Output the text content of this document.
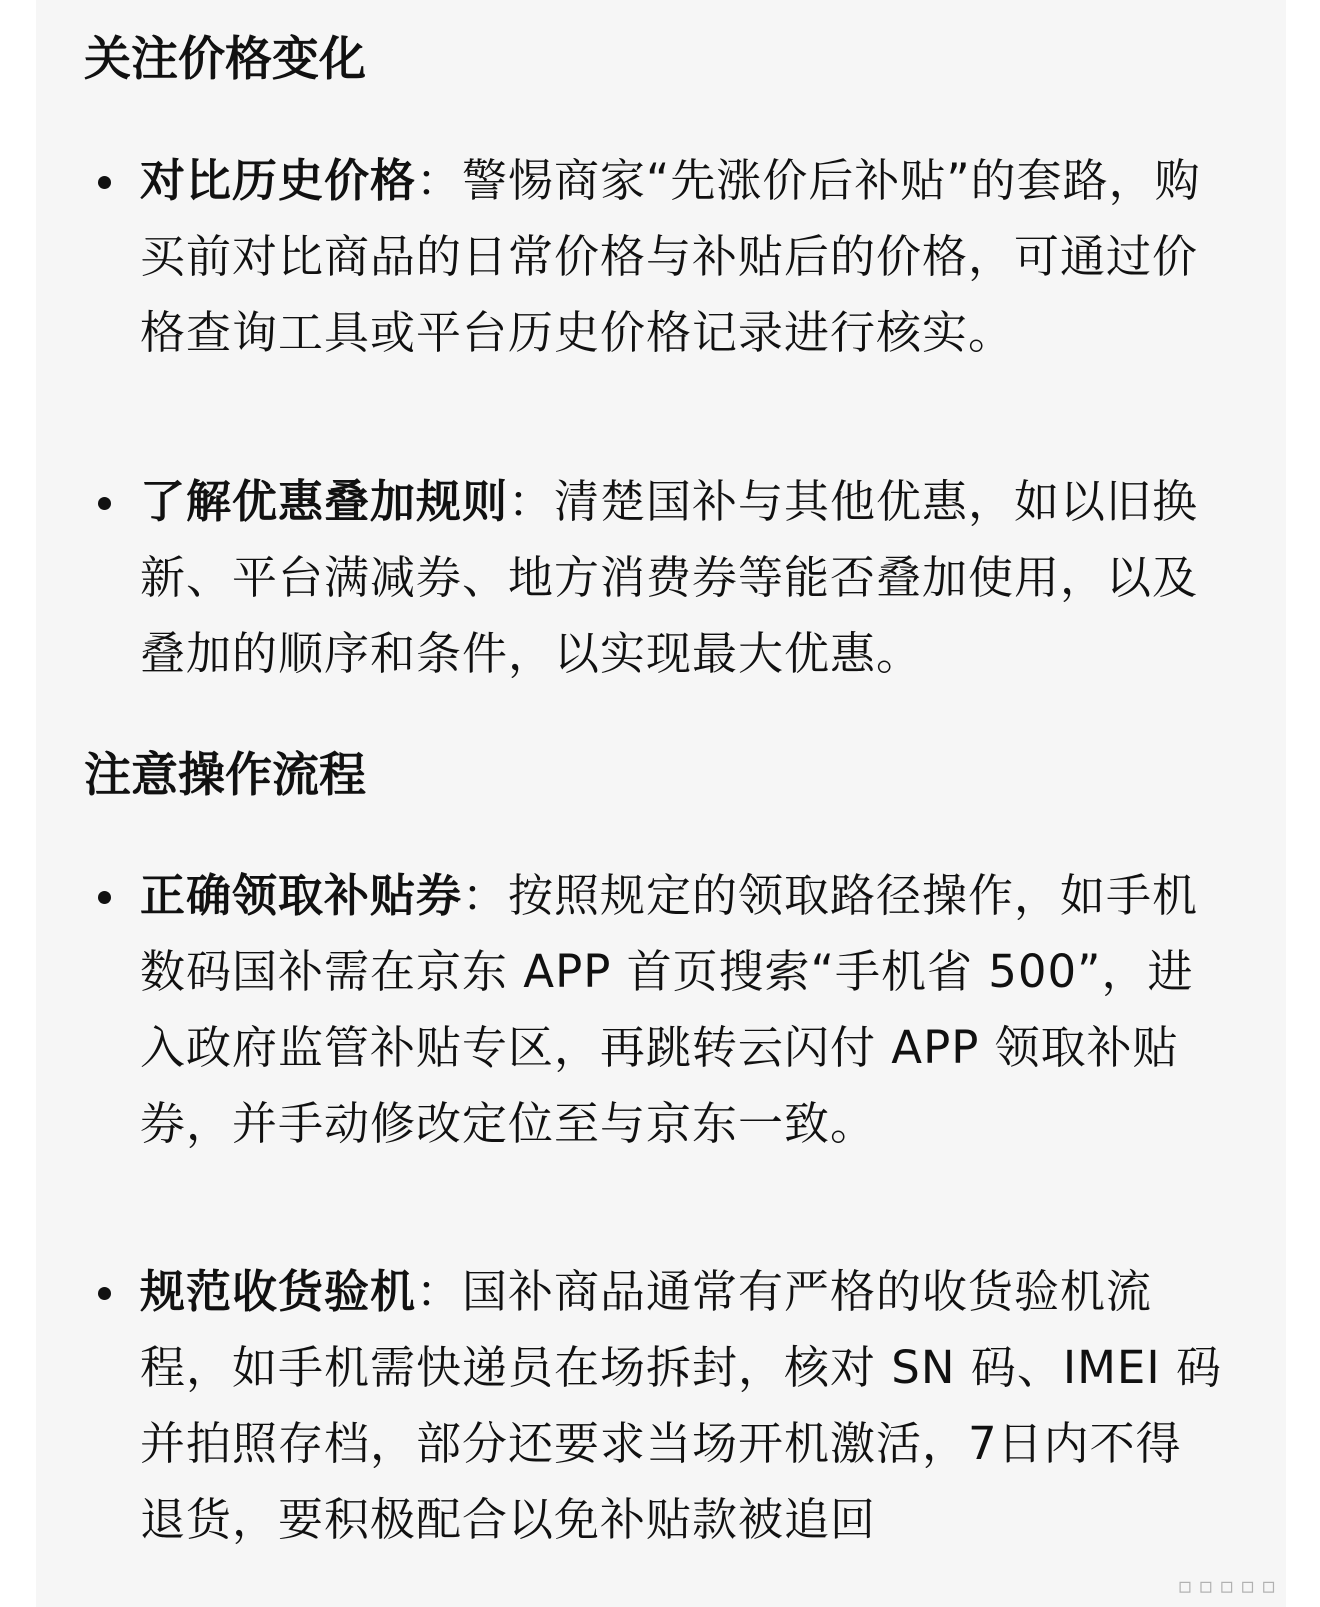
关注价格变化
对比历史价格：警惕商家“先涨价后补贴”的套路，购买前对比商品的日常价格与补贴后的价格，可通过价格查询工具或平台历史价格记录进行核实。
了解优惠叠加规则：清楚国补与其他优惠，如以旧换新、平台满减券、地方消费券等能否叠加使用，以及叠加的顺序和条件，以实现最大优惠。
注意操作流程
正确领取补贴券：按照规定的领取路径操作，如手机数码国补需在京东 APP 首页搜索“手机省 500”，进入政府监管补贴专区，再跳转云闪付 APP 领取补贴券，并手动修改定位至与京东一致。
规范收货验机：国补商品通常有严格的收货验机流程，如手机需快递员在场拆封，核对 SN 码、IMEI 码并拍照存档，部分还要求当场开机激活，7日内不得退货，要积极配合以免补贴款被追回
▫▫▫▫▫
